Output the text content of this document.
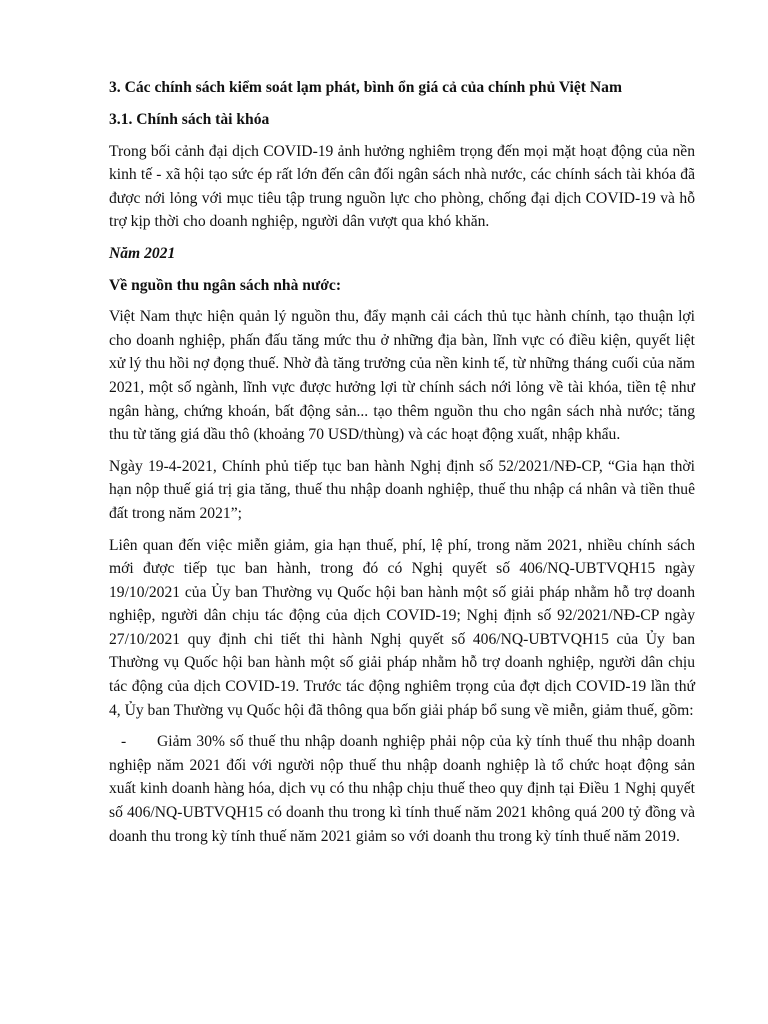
3. Các chính sách kiểm soát lạm phát, bình ổn giá cả của chính phủ Việt Nam

3.1. Chính sách tài khóa

Trong bối cảnh đại dịch COVID-19 ảnh hưởng nghiêm trọng đến mọi mặt hoạt động của nền kinh tế - xã hội tạo sức ép rất lớn đến cân đối ngân sách nhà nước, các chính sách tài khóa đã được nới lỏng với mục tiêu tập trung nguồn lực cho phòng, chống đại dịch COVID-19 và hỗ trợ kịp thời cho doanh nghiệp, người dân vượt qua khó khăn.

Năm 2021

Về nguồn thu ngân sách nhà nước:

Việt Nam thực hiện quản lý nguồn thu, đẩy mạnh cải cách thủ tục hành chính, tạo thuận lợi cho doanh nghiệp, phấn đấu tăng mức thu ở những địa bàn, lĩnh vực có điều kiện, quyết liệt xử lý thu hồi nợ đọng thuế. Nhờ đà tăng trưởng của nền kinh tế, từ những tháng cuối của năm 2021, một số ngành, lĩnh vực được hưởng lợi từ chính sách nới lỏng về tài khóa, tiền tệ như ngân hàng, chứng khoán, bất động sản... tạo thêm nguồn thu cho ngân sách nhà nước; tăng thu từ tăng giá dầu thô (khoảng 70 USD/thùng) và các hoạt động xuất, nhập khẩu.

Ngày 19-4-2021, Chính phủ tiếp tục ban hành Nghị định số 52/2021/NĐ-CP, “Gia hạn thời hạn nộp thuế giá trị gia tăng, thuế thu nhập doanh nghiệp, thuế thu nhập cá nhân và tiền thuê đất trong năm 2021”;

Liên quan đến việc miễn giảm, gia hạn thuế, phí, lệ phí, trong năm 2021, nhiều chính sách mới được tiếp tục ban hành, trong đó có Nghị quyết số 406/NQ-UBTVQH15 ngày 19/10/2021 của Ủy ban Thường vụ Quốc hội ban hành một số giải pháp nhằm hỗ trợ doanh nghiệp, người dân chịu tác động của dịch COVID-19; Nghị định số 92/2021/NĐ-CP ngày 27/10/2021 quy định chi tiết thi hành Nghị quyết số 406/NQ-UBTVQH15 của Ủy ban Thường vụ Quốc hội ban hành một số giải pháp nhằm hỗ trợ doanh nghiệp, người dân chịu tác động của dịch COVID-19. Trước tác động nghiêm trọng của đợt dịch COVID-19 lần thứ 4, Ủy ban Thường vụ Quốc hội đã thông qua bốn giải pháp bổ sung về miễn, giảm thuế, gồm:

- Giảm 30% số thuế thu nhập doanh nghiệp phải nộp của kỳ tính thuế thu nhập doanh nghiệp năm 2021 đối với người nộp thuế thu nhập doanh nghiệp là tổ chức hoạt động sản xuất kinh doanh hàng hóa, dịch vụ có thu nhập chịu thuế theo quy định tại Điều 1 Nghị quyết số 406/NQ-UBTVQH15 có doanh thu trong kì tính thuế năm 2021 không quá 200 tỷ đồng và doanh thu trong kỳ tính thuế năm 2021 giảm so với doanh thu trong kỳ tính thuế năm 2019.
